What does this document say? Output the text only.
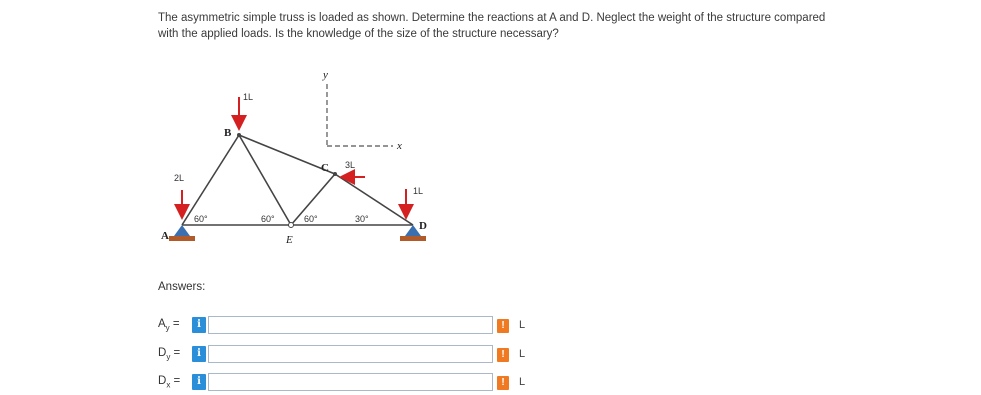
The asymmetric simple truss is loaded as shown. Determine the reactions at A and D. Neglect the weight of the structure compared

with the applied loads. Is the knowledge of the size of the structure necessary?

y
x
1L
3L
2L
1L
A
B
C
D
E
60°	60°	60°	30°
Answers:
$A_y$ =	i	!	L
$D_y$ =	i	!	L
$D_x$ =	i	!	L
